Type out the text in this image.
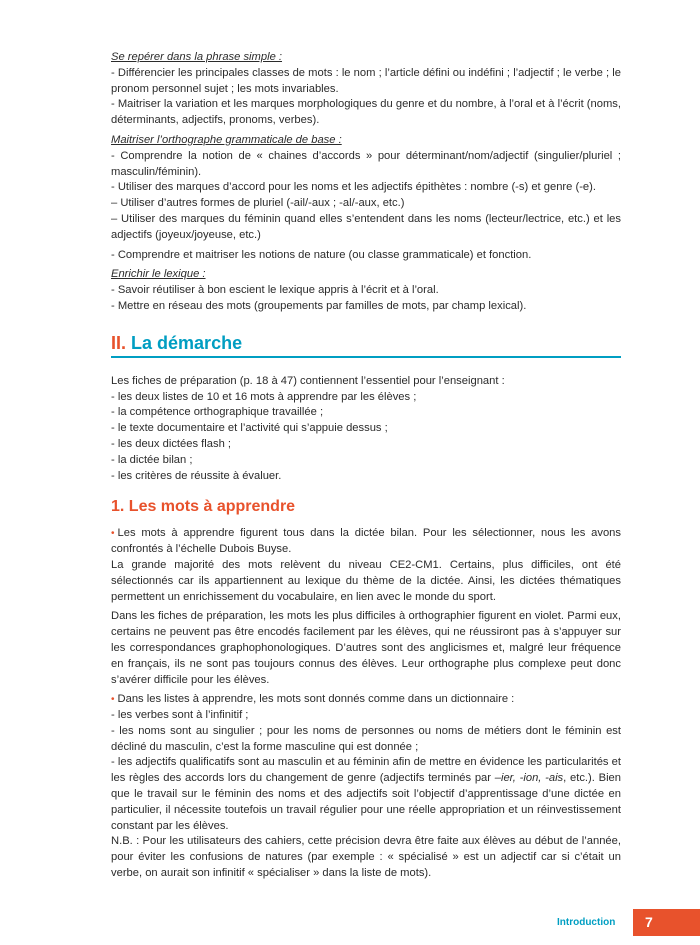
Se repérer dans la phrase simple :

- Différencier les principales classes de mots : le nom ; l’article défini ou indéfini ; l’adjectif ; le verbe ; le pronom personnel sujet ; les mots invariables.

- Maitriser la variation et les marques morphologiques du genre et du nombre, à l’oral et à l’écrit (noms, déterminants, adjectifs, pronoms, verbes).

Maitriser l’orthographe grammaticale de base :

- Comprendre la notion de « chaines d’accords » pour déterminant/nom/adjectif (singulier/pluriel ; masculin/féminin).

- Utiliser des marques d’accord pour les noms et les adjectifs épithètes : nombre (-s) et genre (-e).

– Utiliser d’autres formes de pluriel (-ail/-aux ; -al/-aux, etc.)

– Utiliser des marques du féminin quand elles s’entendent dans les noms (lecteur/lectrice, etc.) et les adjectifs (joyeux/joyeuse, etc.)

- Comprendre et maitriser les notions de nature (ou classe grammaticale) et fonction.

Enrichir le lexique :

- Savoir réutiliser à bon escient le lexique appris à l’écrit et à l’oral.

- Mettre en réseau des mots (groupements par familles de mots, par champ lexical).

II. La démarche

Les fiches de préparation (p. 18 à 47) contiennent l’essentiel pour l’enseignant :

- les deux listes de 10 et 16 mots à apprendre par les élèves ;

- la compétence orthographique travaillée ;

- le texte documentaire et l’activité qui s’appuie dessus ;

- les deux dictées flash ;

- la dictée bilan ;

- les critères de réussite à évaluer.

1. Les mots à apprendre

• Les mots à apprendre figurent tous dans la dictée bilan. Pour les sélectionner, nous les avons confrontés à l’échelle Dubois Buyse.

La grande majorité des mots relèvent du niveau CE2-CM1. Certains, plus difficiles, ont été sélectionnés car ils appartiennent au lexique du thème de la dictée. Ainsi, les dictées thématiques permettent un enrichissement du vocabulaire, en lien avec le monde du sport.

Dans les fiches de préparation, les mots les plus difficiles à orthographier figurent en violet. Parmi eux, certains ne peuvent pas être encodés facilement par les élèves, qui ne réussiront pas à s’appuyer sur les correspondances graphophonologiques. D’autres sont des anglicismes et, malgré leur fréquence en français, ils ne sont pas toujours connus des élèves. Leur orthographe plus complexe peut donc s’avérer difficile pour les élèves.

• Dans les listes à apprendre, les mots sont donnés comme dans un dictionnaire :

- les verbes sont à l’infinitif ;

- les noms sont au singulier ; pour les noms de personnes ou noms de métiers dont le féminin est décliné du masculin, c’est la forme masculine qui est donnée ;

- les adjectifs qualificatifs sont au masculin et au féminin afin de mettre en évidence les particularités et les règles des accords lors du changement de genre (adjectifs terminés par –ier, -ion, -ais, etc.). Bien que le travail sur le féminin des noms et des adjectifs soit l’objectif d’apprentissage d’une dictée en particulier, il nécessite toutefois un travail régulier pour une réelle appropriation et un réinvestissement constant par les élèves.

N.B. : Pour les utilisateurs des cahiers, cette précision devra être faite aux élèves au début de l’année, pour éviter les confusions de natures (par exemple : « spécialisé » est un adjectif car si c’était un verbe, on aurait son infinitif « spécialiser » dans la liste de mots).

Introduction	7
